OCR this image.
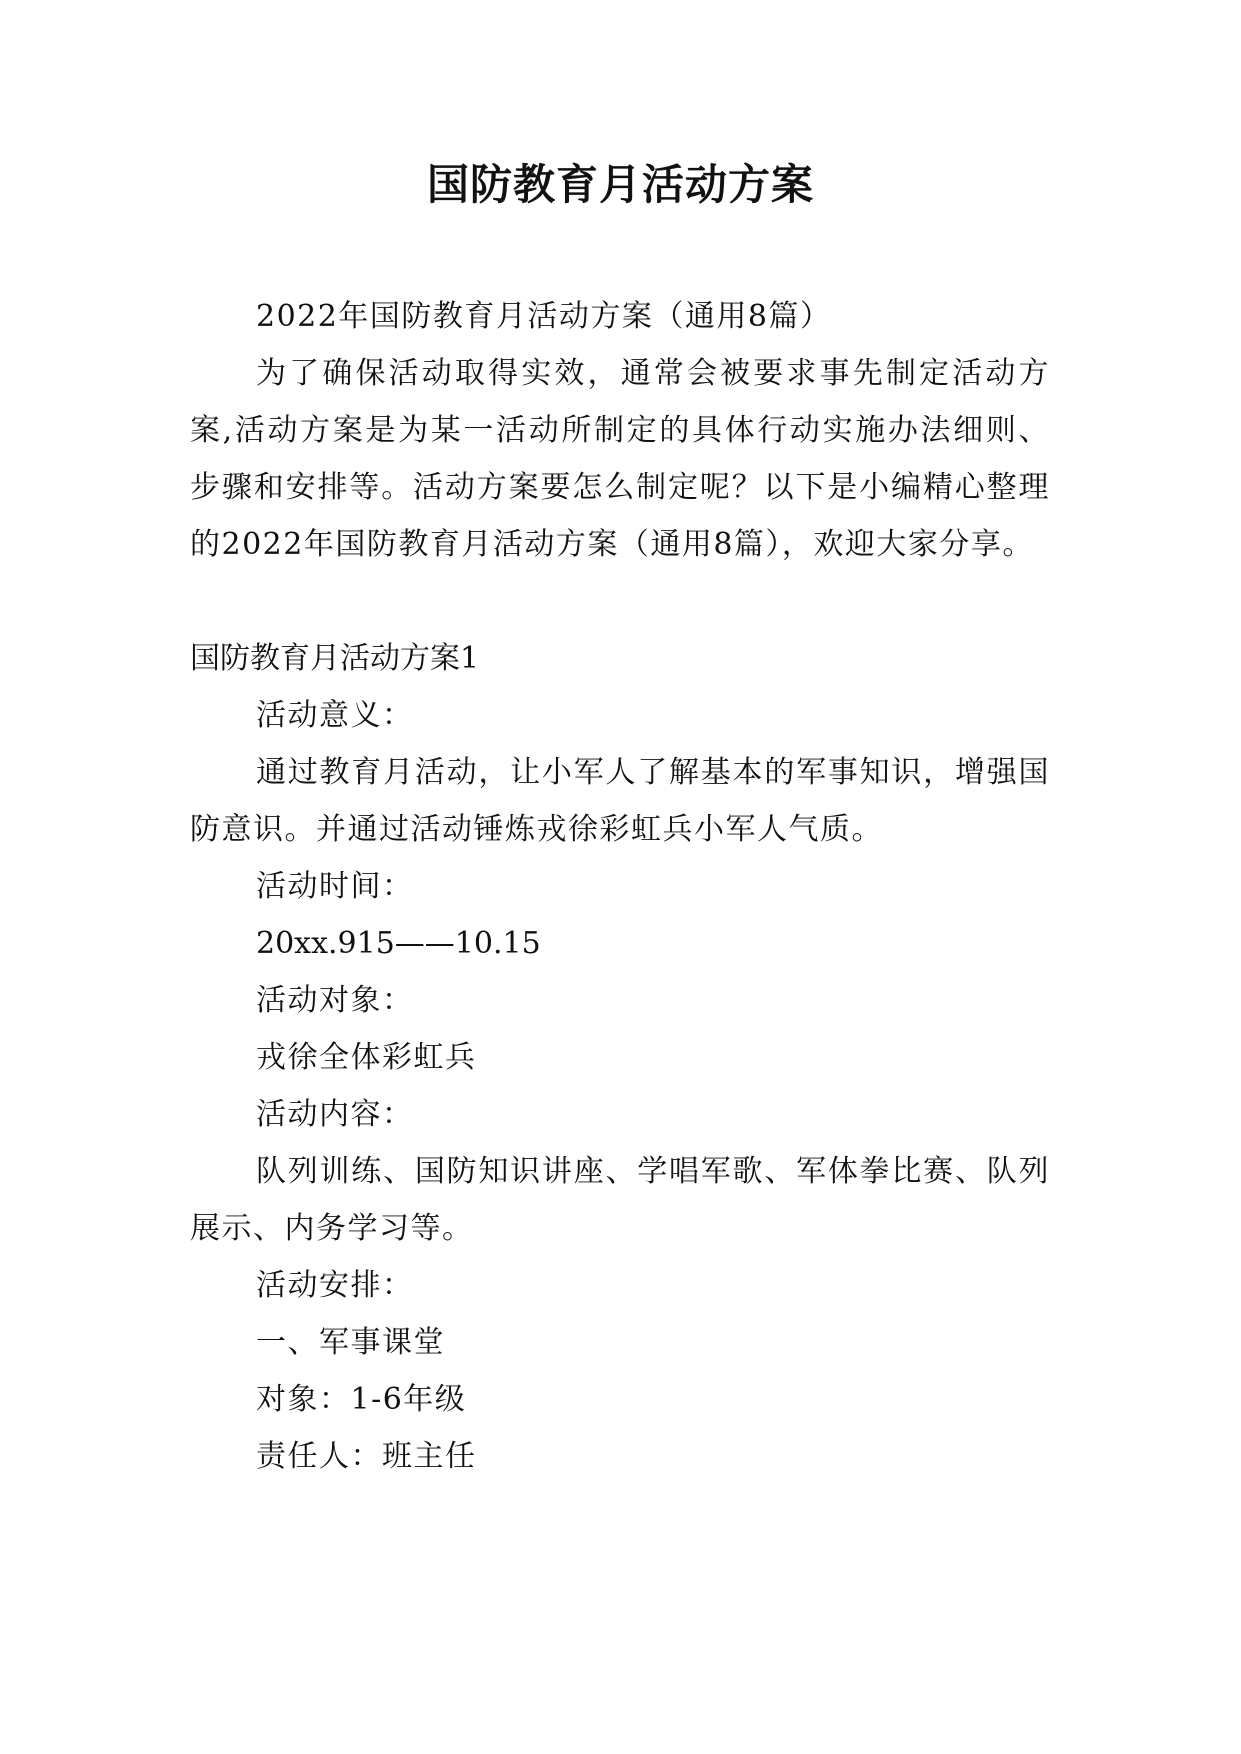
国防教育月活动方案

2022年国防教育月活动方案（通用8篇）

为了确保活动取得实效，通常会被要求事先制定活动方案,活动方案是为某一活动所制定的具体行动实施办法细则、步骤和安排等。活动方案要怎么制定呢？以下是小编精心整理的2022年国防教育月活动方案（通用8篇），欢迎大家分享。

国防教育月活动方案1

活动意义：

通过教育月活动，让小军人了解基本的军事知识，增强国防意识。并通过活动锤炼戎徐彩虹兵小军人气质。

活动时间：

20xx.915——10.15

活动对象：

戎徐全体彩虹兵

活动内容：

队列训练、国防知识讲座、学唱军歌、军体拳比赛、队列展示、内务学习等。

活动安排：

一、军事课堂

对象：1-6年级

责任人：班主任
